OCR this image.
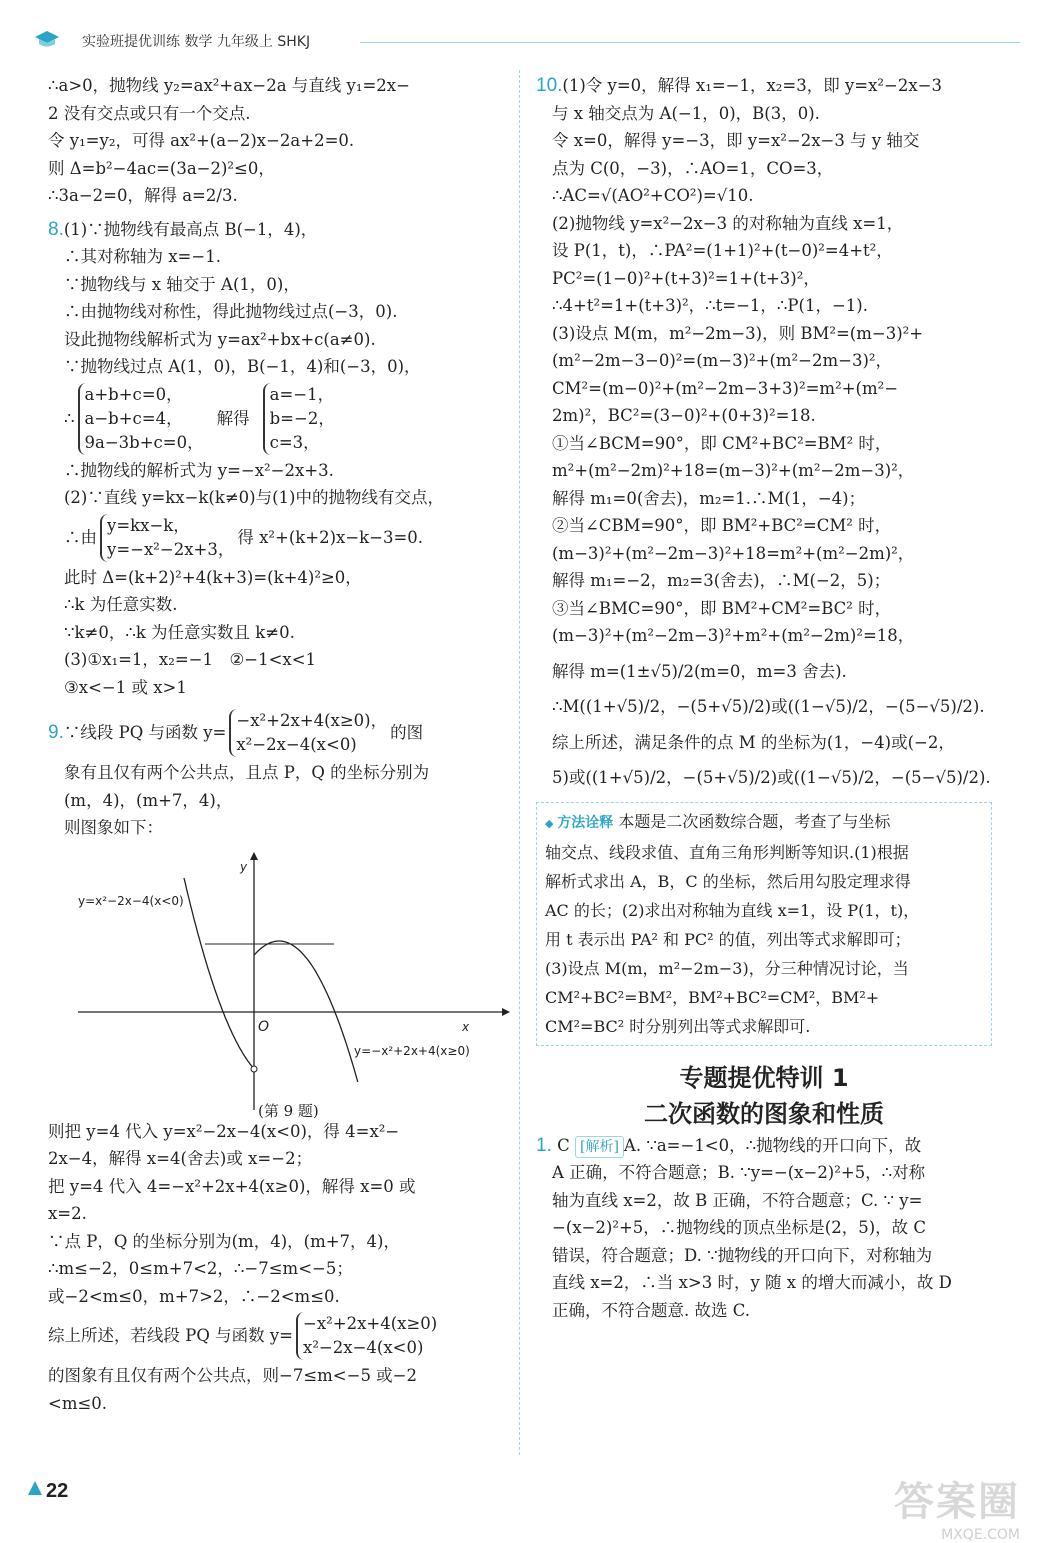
实验班提优训练 数学 九年级上 SHKJ

∴a>0，抛物线 y₂=ax²+ax−2a 与直线 y₁=2x−

2 没有交点或只有一个交点.

令 y₁=y₂，可得 ax²+(a−2)x−2a+2=0.

则 Δ=b²−4ac=(3a−2)²≤0，

∴3a−2=0，解得 a=2/3.

8.(1)∵抛物线有最高点 B(−1，4)，

∴其对称轴为 x=−1.

∵抛物线与 x 轴交于 A(1，0)，

∴由抛物线对称性，得此抛物线过点(−3，0).

设此抛物线解析式为 y=ax²+bx+c(a≠0).

∵抛物线过点 A(1，0)，B(−1，4)和(−3，0)，

∴
a+b+c=0，
a−b+c=4，
9a−3b+c=0，
解得
a=−1，
b=−2，
c=3，

∴抛物线的解析式为 y=−x²−2x+3.

(2)∵直线 y=kx−k(k≠0)与(1)中的抛物线有交点，

∴由
y=kx−k，
y=−x²−2x+3，
得 x²+(k+2)x−k−3=0.

此时 Δ=(k+2)²+4(k+3)=(k+4)²≥0，

∴k 为任意实数.

∵k≠0，∴k 为任意实数且 k≠0.

(3)①x₁=1，x₂=−1　②−1<x<1

③x<−1 或 x>1

9. ∵线段 PQ 与函数 y=
−x²+2x+4(x≥0)，
x²−2x−4(x<0)
的图

象有且仅有两个公共点，且点 P，Q 的坐标分别为

(m，4)，(m+7，4)，

则图象如下：

y=x²−2x−4(x<0)
y=−x²+2x+4(x≥0)
x
y
O
(第 9 题)

则把 y=4 代入 y=x²−2x−4(x<0)，得 4=x²−

2x−4，解得 x=4(舍去)或 x=−2；

把 y=4 代入 4=−x²+2x+4(x≥0)，解得 x=0 或

x=2.

∵点 P，Q 的坐标分别为(m，4)，(m+7，4)，

∴m≤−2，0≤m+7<2，∴−7≤m<−5；

或−2<m≤0，m+7>2，∴−2<m≤0.

综上所述，若线段 PQ 与函数 y=
−x²+2x+4(x≥0)
x²−2x−4(x<0)

的图象有且仅有两个公共点，则−7≤m<−5 或−2

<m≤0.

10.(1)令 y=0，解得 x₁=−1，x₂=3，即 y=x²−2x−3

与 x 轴交点为 A(−1，0)，B(3，0).

令 x=0，解得 y=−3，即 y=x²−2x−3 与 y 轴交

点为 C(0，−3)，∴AO=1，CO=3，

∴AC=√(AO²+CO²)=√10.

(2)抛物线 y=x²−2x−3 的对称轴为直线 x=1，

设 P(1，t)，∴PA²=(1+1)²+(t−0)²=4+t²，

PC²=(1−0)²+(t+3)²=1+(t+3)²，

∴4+t²=1+(t+3)²，∴t=−1，∴P(1，−1).

(3)设点 M(m，m²−2m−3)，则 BM²=(m−3)²+

(m²−2m−3−0)²=(m−3)²+(m²−2m−3)²，

CM²=(m−0)²+(m²−2m−3+3)²=m²+(m²−

2m)²，BC²=(3−0)²+(0+3)²=18.

①当∠BCM=90°，即 CM²+BC²=BM² 时，

m²+(m²−2m)²+18=(m−3)²+(m²−2m−3)²，

解得 m₁=0(舍去)，m₂=1.∴M(1，−4)；

②当∠CBM=90°，即 BM²+BC²=CM² 时，

(m−3)²+(m²−2m−3)²+18=m²+(m²−2m)²，

解得 m₁=−2，m₂=3(舍去)，∴M(−2，5)；

③当∠BMC=90°，即 BM²+CM²=BC² 时，

(m−3)²+(m²−2m−3)²+m²+(m²−2m)²=18，

解得 m=(1±√5)/2(m=0，m=3 舍去).

∴M((1+√5)/2，−(5+√5)/2)或((1−√5)/2，−(5−√5)/2).

综上所述，满足条件的点 M 的坐标为(1，−4)或(−2，

5)或((1+√5)/2，−(5+√5)/2)或((1−√5)/2，−(5−√5)/2).

◆ 方法诠释 本题是二次函数综合题，考查了与坐标
轴交点、线段求值、直角三角形判断等知识.(1)根据
解析式求出 A，B，C 的坐标，然后用勾股定理求得
AC 的长；(2)求出对称轴为直线 x=1，设 P(1，t)，
用 t 表示出 PA² 和 PC² 的值，列出等式求解即可；
(3)设点 M(m，m²−2m−3)，分三种情况讨论，当
CM²+BC²=BM²，BM²+BC²=CM²，BM²+
CM²=BC² 时分别列出等式求解即可.
专题提优特训 1
二次函数的图象和性质

1. C [解析] A. ∵a=−1<0，∴抛物线的开口向下，故

A 正确，不符合题意；B. ∵y=−(x−2)²+5，∴对称

轴为直线 x=2，故 B 正确，不符合题意；C. ∵ y=

−(x−2)²+5，∴抛物线的顶点坐标是(2，5)，故 C

错误，符合题意；D. ∵抛物线的开口向下，对称轴为

直线 x=2，∴当 x>3 时，y 随 x 的增大而减小，故 D

正确，不符合题意. 故选 C.

22	答案圈
MXQE.COM
